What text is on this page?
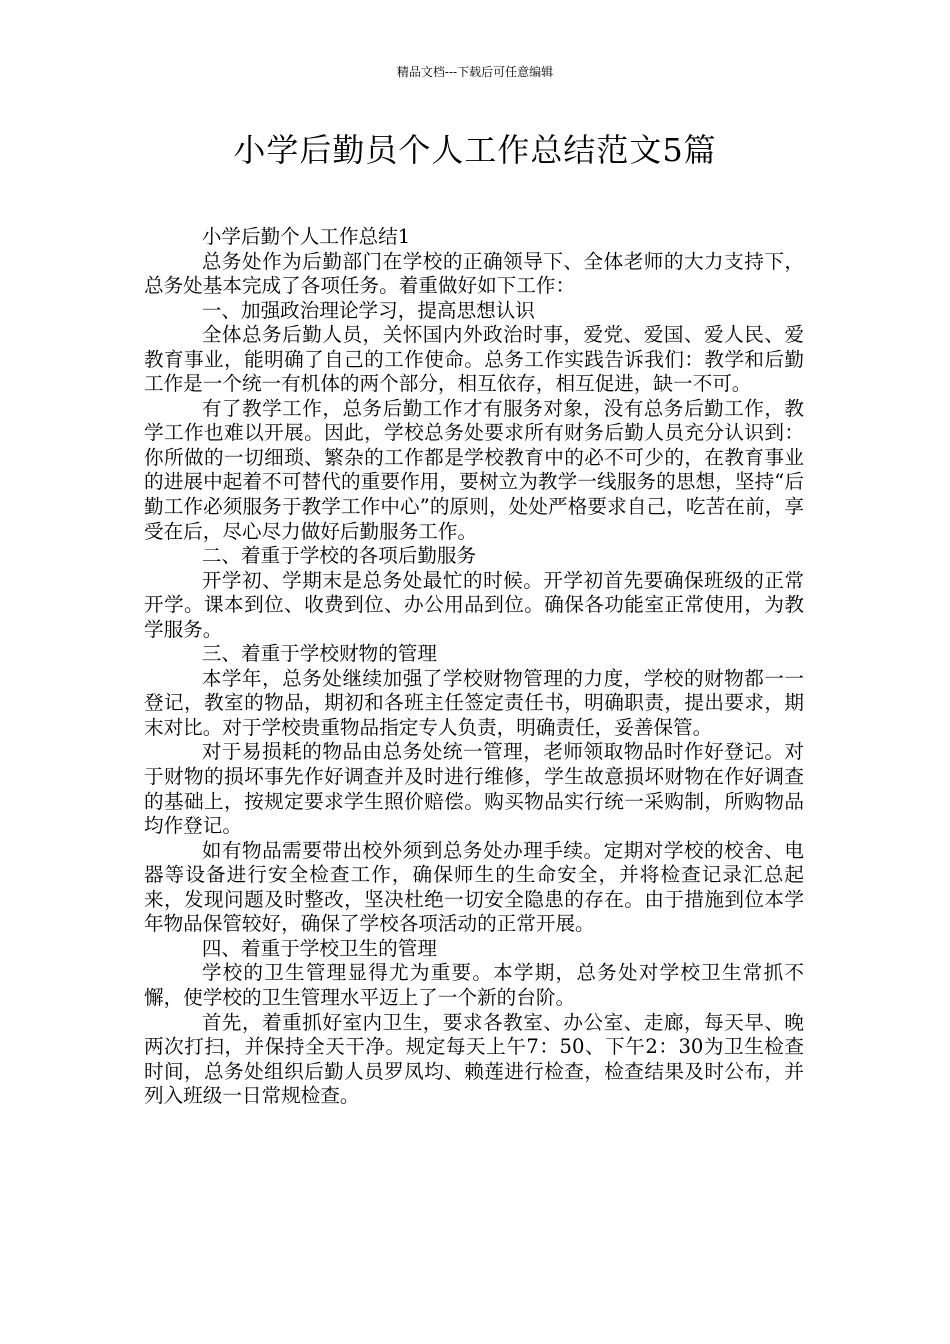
精品文档---下载后可任意编辑
小学后勤员个人工作总结范文5篇

小学后勤个人工作总结1

总务处作为后勤部门在学校的正确领导下、全体老师的大力支持下，总务处基本完成了各项任务。着重做好如下工作：

一、加强政治理论学习，提高思想认识

全体总务后勤人员，关怀国内外政治时事，爱党、爱国、爱人民、爱教育事业，能明确了自己的工作使命。总务工作实践告诉我们：教学和后勤工作是一个统一有机体的两个部分，相互依存，相互促进，缺一不可。

有了教学工作，总务后勤工作才有服务对象，没有总务后勤工作，教学工作也难以开展。因此，学校总务处要求所有财务后勤人员充分认识到：你所做的一切细琐、繁杂的工作都是学校教育中的必不可少的，在教育事业的进展中起着不可替代的重要作用，要树立为教学一线服务的思想，坚持“后勤工作必须服务于教学工作中心”的原则，处处严格要求自己，吃苦在前，享受在后，尽心尽力做好后勤服务工作。

二、着重于学校的各项后勤服务

开学初、学期末是总务处最忙的时候。开学初首先要确保班级的正常开学。课本到位、收费到位、办公用品到位。确保各功能室正常使用，为教学服务。

三、着重于学校财物的管理

本学年，总务处继续加强了学校财物管理的力度，学校的财物都一一登记，教室的物品，期初和各班主任签定责任书，明确职责，提出要求，期末对比。对于学校贵重物品指定专人负责，明确责任，妥善保管。

对于易损耗的物品由总务处统一管理，老师领取物品时作好登记。对于财物的损坏事先作好调查并及时进行维修，学生故意损坏财物在作好调查的基础上，按规定要求学生照价赔偿。购买物品实行统一采购制，所购物品均作登记。

如有物品需要带出校外须到总务处办理手续。定期对学校的校舍、电器等设备进行安全检查工作，确保师生的生命安全，并将检查记录汇总起来，发现问题及时整改，坚决杜绝一切安全隐患的存在。由于措施到位本学年物品保管较好，确保了学校各项活动的正常开展。

四、着重于学校卫生的管理

学校的卫生管理显得尤为重要。本学期，总务处对学校卫生常抓不懈，使学校的卫生管理水平迈上了一个新的台阶。

首先，着重抓好室内卫生，要求各教室、办公室、走廊，每天早、晚两次打扫，并保持全天干净。规定每天上午7：50、下午2：30为卫生检查时间，总务处组织后勤人员罗凤均、赖莲进行检查，检查结果及时公布，并列入班级一日常规检查。
